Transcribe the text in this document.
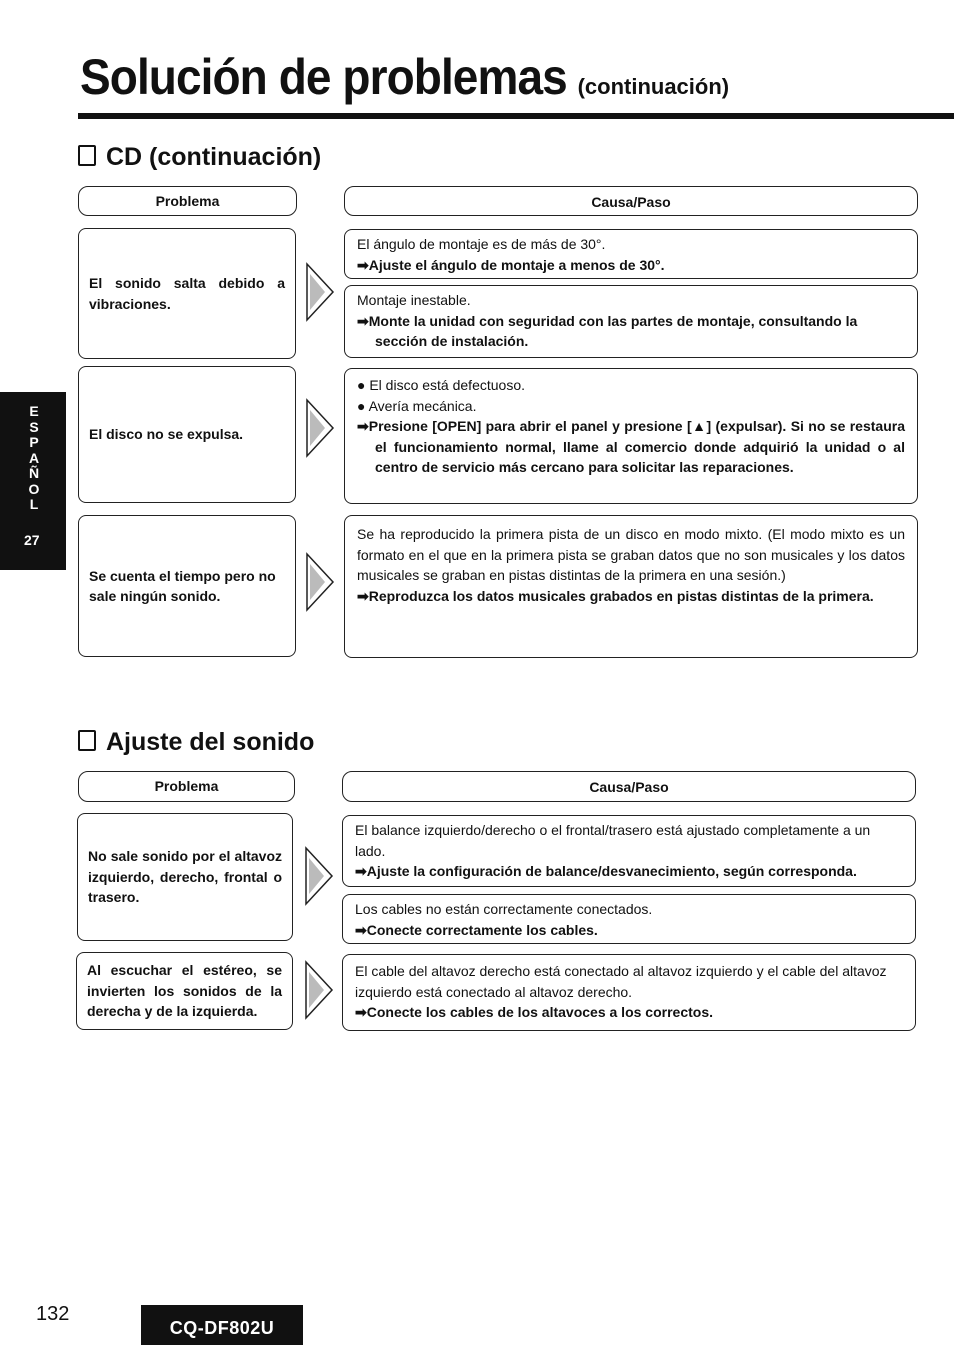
Solución de problemas (continuación)
E
S
P
A
Ñ
O
L
27
CD (continuación)
Problema	Causa/Paso
El sonido salta debido a vibraciones.
El ángulo de montaje es de más de 30°.
➡Ajuste el ángulo de montaje a menos de 30°.
Montaje inestable.
➡Monte la unidad con seguridad con las partes de montaje, consultando la sección de instalación.
El disco no se expulsa.
● El disco está defectuoso.
● Avería mecánica.
➡Presione [OPEN] para abrir el panel y presione [▲] (expulsar). Si no se restaura el funcionamiento normal, llame al comercio donde adquirió la unidad o al centro de servicio más cercano para solicitar las reparaciones.
Se cuenta el tiempo pero no sale ningún sonido.
Se ha reproducido la primera pista de un disco en modo mixto. (El modo mixto es un formato en el que en la primera pista se graban datos que no son musicales y los datos musicales se graban en pistas distintas de la primera en una sesión.)
➡Reproduzca los datos musicales grabados en pistas distintas de la primera.
Ajuste del sonido
Problema	Causa/Paso
No sale sonido por el altavoz izquierdo, derecho, frontal o trasero.
El balance izquierdo/derecho o el frontal/trasero está ajustado completamente a un lado.
➡Ajuste la configuración de balance/desvanecimiento, según corresponda.
Los cables no están correctamente conectados.
➡Conecte correctamente los cables.
Al escuchar el estéreo, se invierten los sonidos de la derecha y de la izquierda.
El cable del altavoz derecho está conectado al altavoz izquierdo y el cable del altavoz izquierdo está conectado al altavoz derecho.
➡Conecte los cables de los altavoces a los correctos.
132
CQ-DF802U
